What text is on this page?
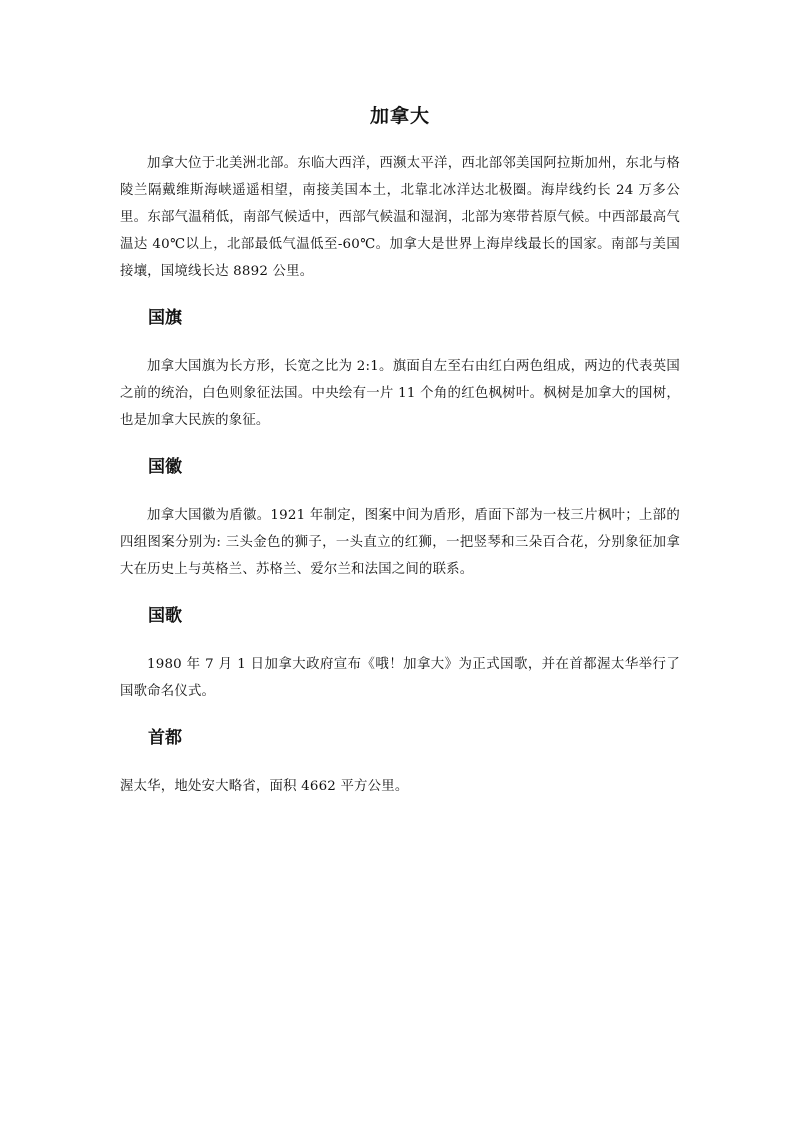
加拿大

加拿大位于北美洲北部。东临大西洋，西濒太平洋，西北部邻美国阿拉斯加州，东北与格陵兰隔戴维斯海峡遥遥相望，南接美国本土，北靠北冰洋达北极圈。海岸线约长 24 万多公里。东部气温稍低，南部气候适中，西部气候温和湿润，北部为寒带苔原气候。中西部最高气温达 40℃以上，北部最低气温低至-60℃。加拿大是世界上海岸线最长的国家。南部与美国接壤，国境线长达 8892 公里。

国旗

加拿大国旗为长方形，长宽之比为 2:1。旗面自左至右由红白两色组成，两边的代表英国之前的统治，白色则象征法国。中央绘有一片 11 个角的红色枫树叶。枫树是加拿大的国树，也是加拿大民族的象征。

国徽

加拿大国徽为盾徽。1921 年制定，图案中间为盾形，盾面下部为一枝三片枫叶；上部的四组图案分别为: 三头金色的狮子，一头直立的红狮，一把竖琴和三朵百合花，分别象征加拿大在历史上与英格兰、苏格兰、爱尔兰和法国之间的联系。

国歌

1980 年 7 月 1 日加拿大政府宣布《哦！加拿大》为正式国歌，并在首都渥太华举行了国歌命名仪式。

首都

渥太华，地处安大略省，面积 4662 平方公里。
